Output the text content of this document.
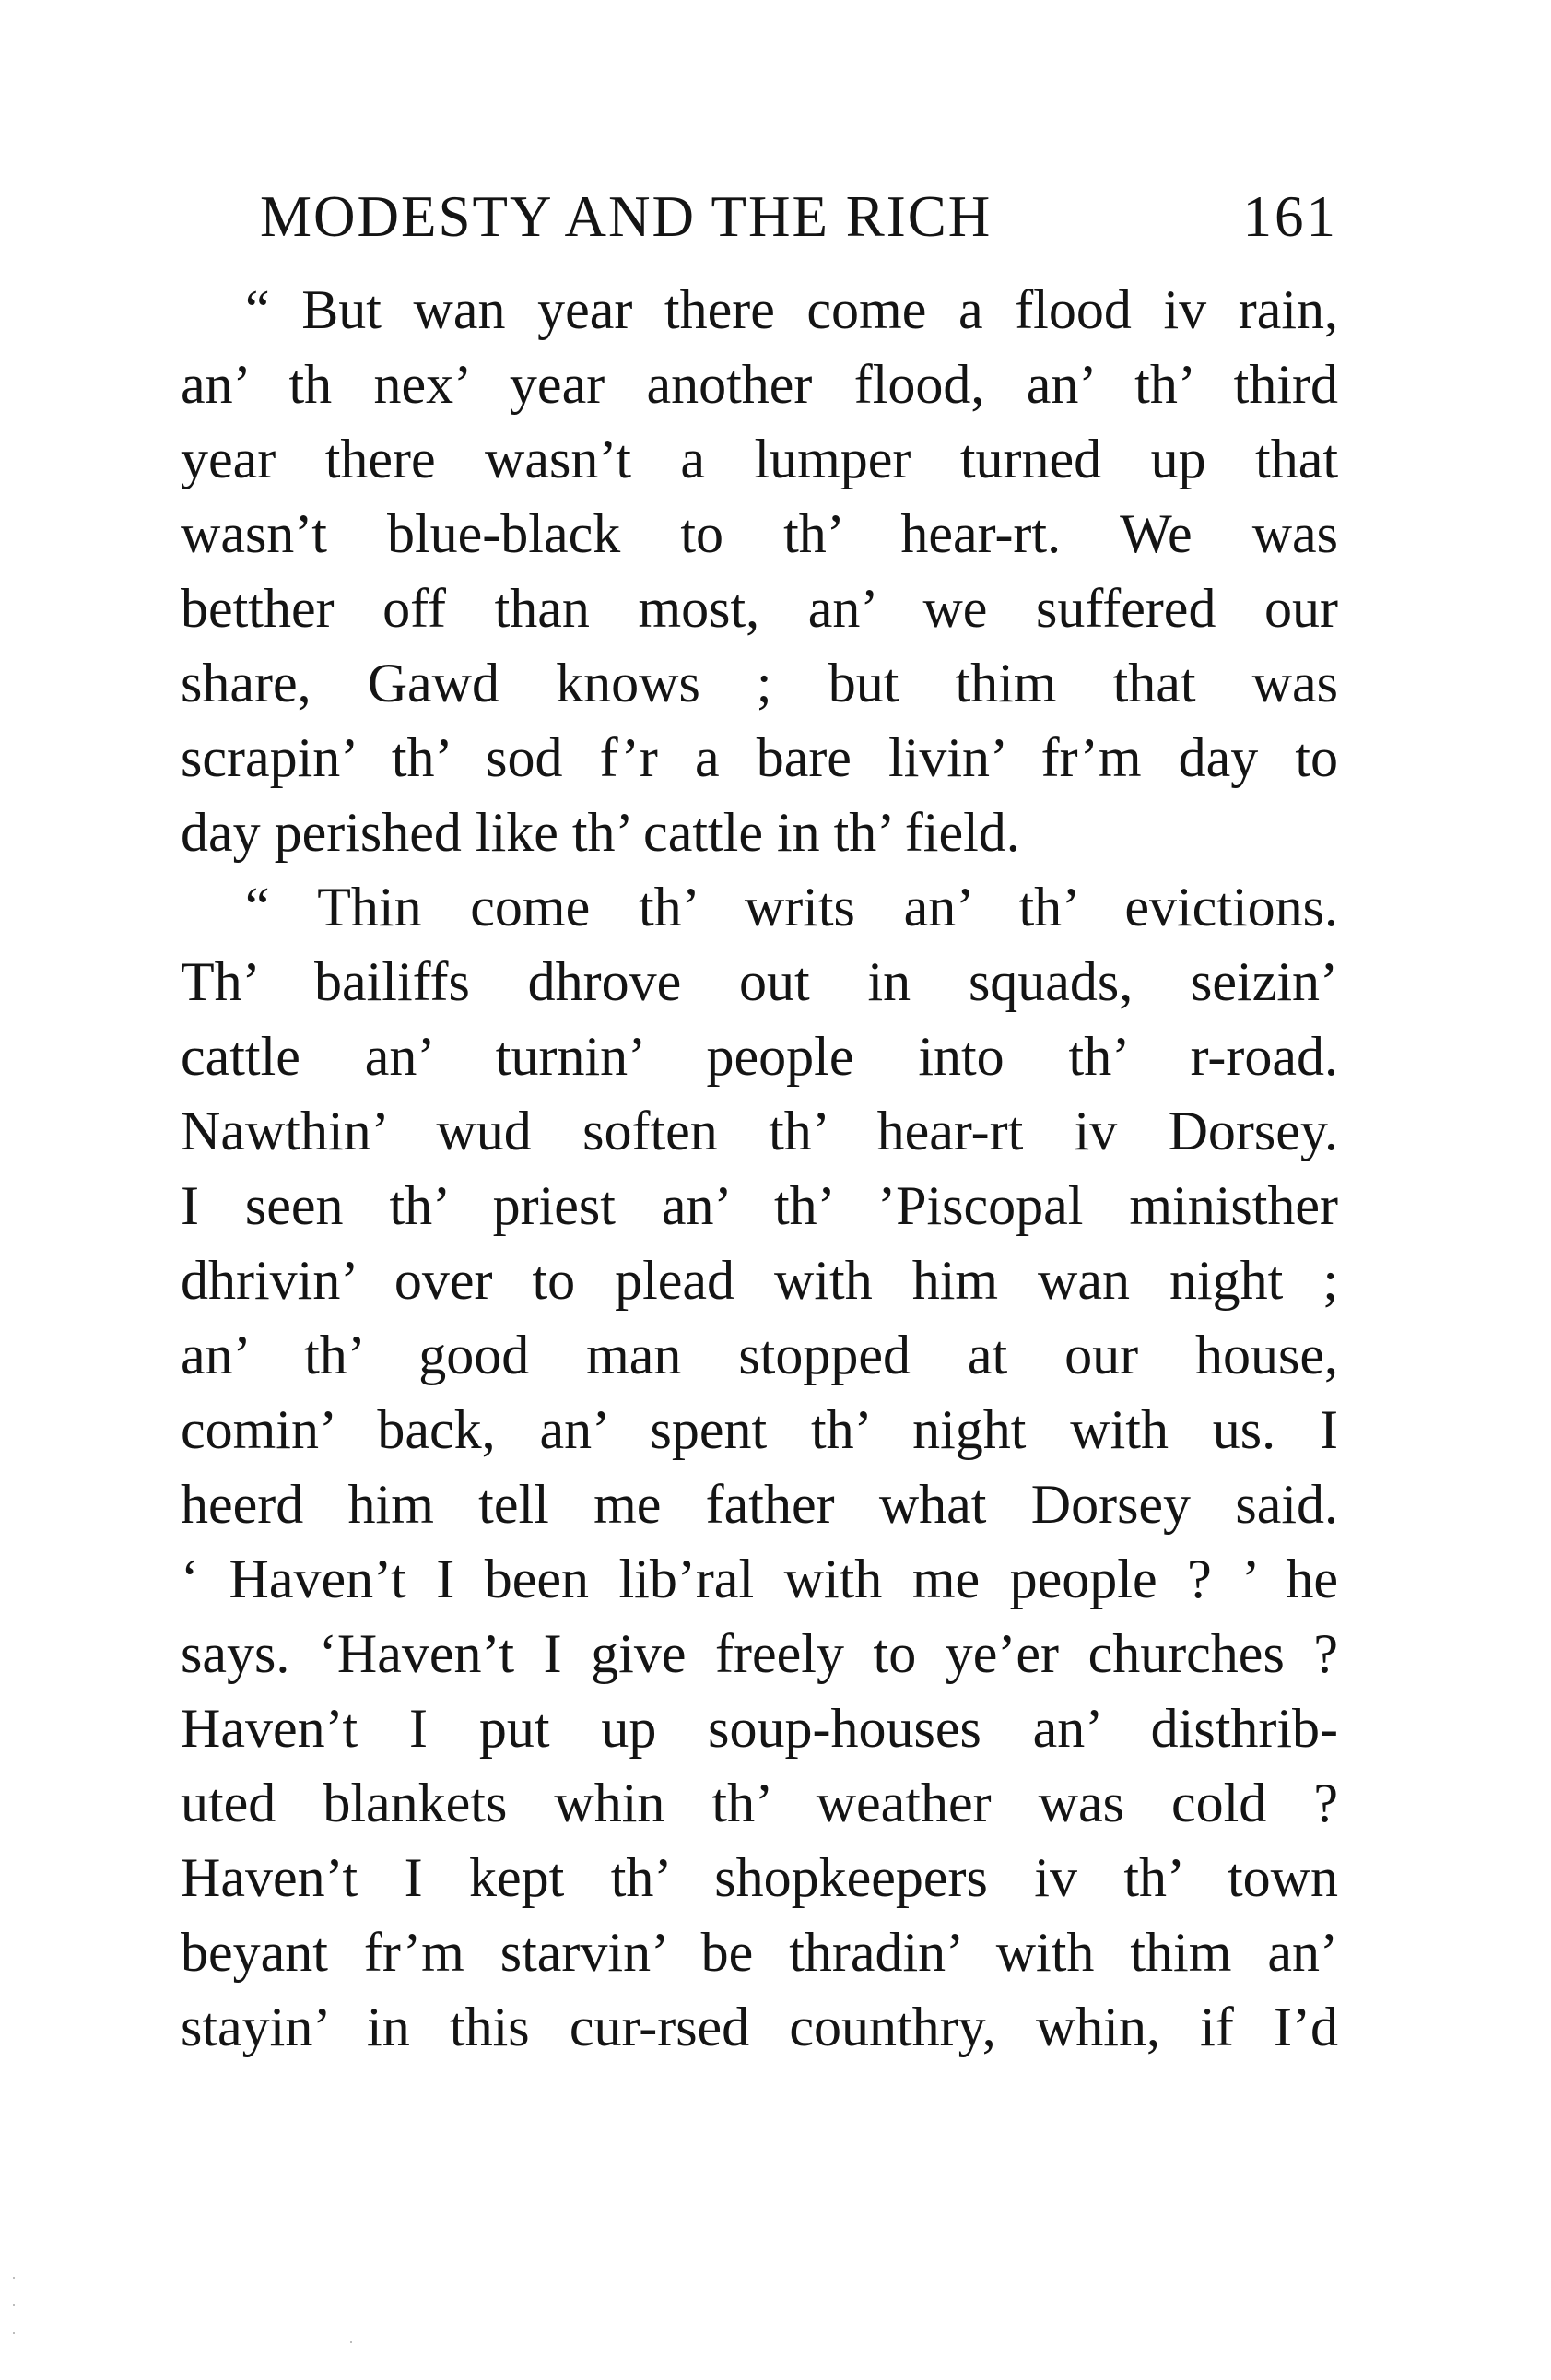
MODESTY AND THE RICH	161
“ But wan year there come a flood iv rain,
an’ th nex’ year another flood, an’ th’ third
year there wasn’t a lumper turned up that
wasn’t blue-black to th’ hear-rt. We was
betther off than most, an’ we suffered our
share, Gawd knows ; but thim that was
scrapin’ th’ sod f’r a bare livin’ fr’m day to
day perished like th’ cattle in th’ field.
“ Thin come th’ writs an’ th’ evictions.
Th’ bailiffs dhrove out in squads, seizin’
cattle an’ turnin’ people into th’ r-road.
Nawthin’ wud soften th’ hear-rt iv Dorsey.
I seen th’ priest an’ th’ ’Piscopal ministher
dhrivin’ over to plead with him wan night ;
an’ th’ good man stopped at our house,
comin’ back, an’ spent th’ night with us. I
heerd him tell me father what Dorsey said.
‘ Haven’t I been lib’ral with me people ? ’ he
says. ‘Haven’t I give freely to ye’er churches ?
Haven’t I put up soup-houses an’ disthrib-
uted blankets whin th’ weather was cold ?
Haven’t I kept th’ shopkeepers iv th’ town
beyant fr’m starvin’ be thradin’ with thim an’
stayin’ in this cur-rsed counthry, whin, if I’d
